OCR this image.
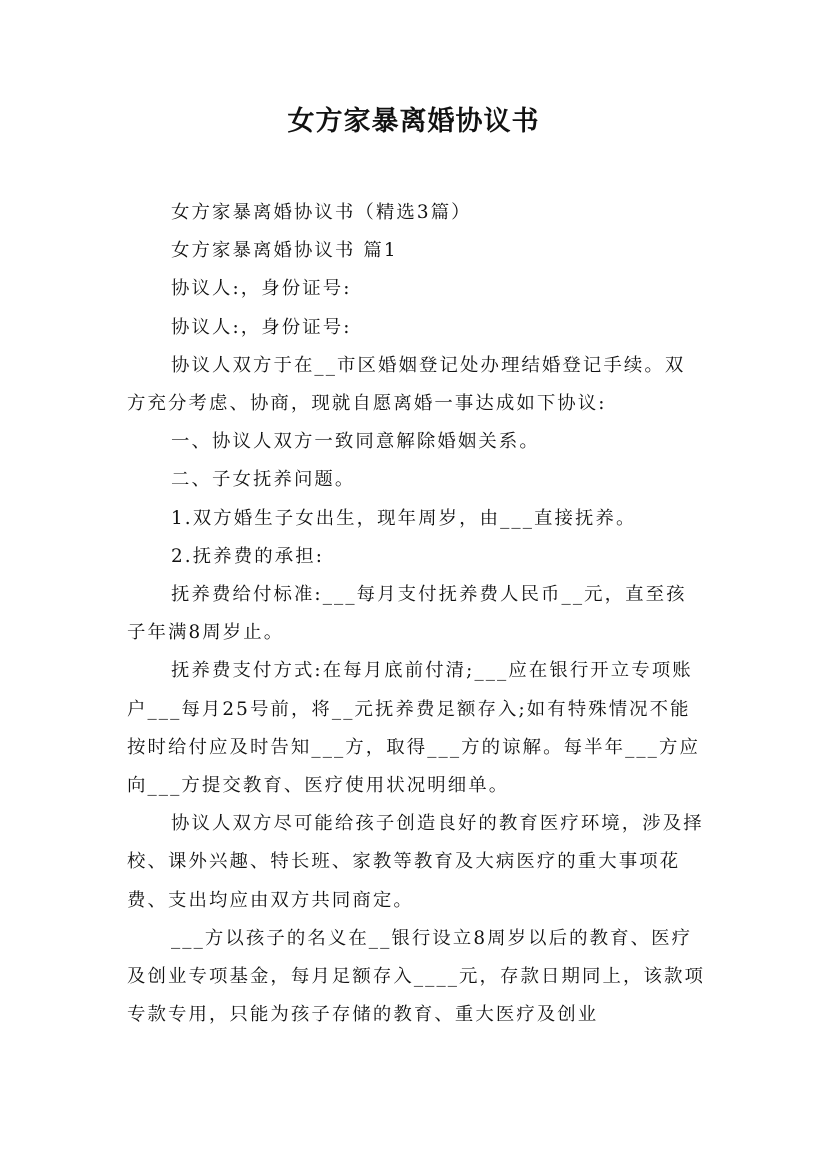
女方家暴离婚协议书

女方家暴离婚协议书（精选3篇）

女方家暴离婚协议书 篇1

协议人:，身份证号:

协议人:，身份证号:

协议人双方于在__市区婚姻登记处办理结婚登记手续。双方充分考虑、协商，现就自愿离婚一事达成如下协议:

一、协议人双方一致同意解除婚姻关系。

二、子女抚养问题。

1.双方婚生子女出生，现年周岁，由___直接抚养。

2.抚养费的承担:

抚养费给付标准:___每月支付抚养费人民币__元，直至孩子年满8周岁止。

抚养费支付方式:在每月底前付清;___应在银行开立专项账户___每月25号前，将__元抚养费足额存入;如有特殊情况不能按时给付应及时告知___方，取得___方的谅解。每半年___方应向___方提交教育、医疗使用状况明细单。

协议人双方尽可能给孩子创造良好的教育医疗环境，涉及择校、课外兴趣、特长班、家教等教育及大病医疗的重大事项花费、支出均应由双方共同商定。

___方以孩子的名义在__银行设立8周岁以后的教育、医疗及创业专项基金，每月足额存入____元，存款日期同上，该款项专款专用，只能为孩子存储的教育、重大医疗及创业
